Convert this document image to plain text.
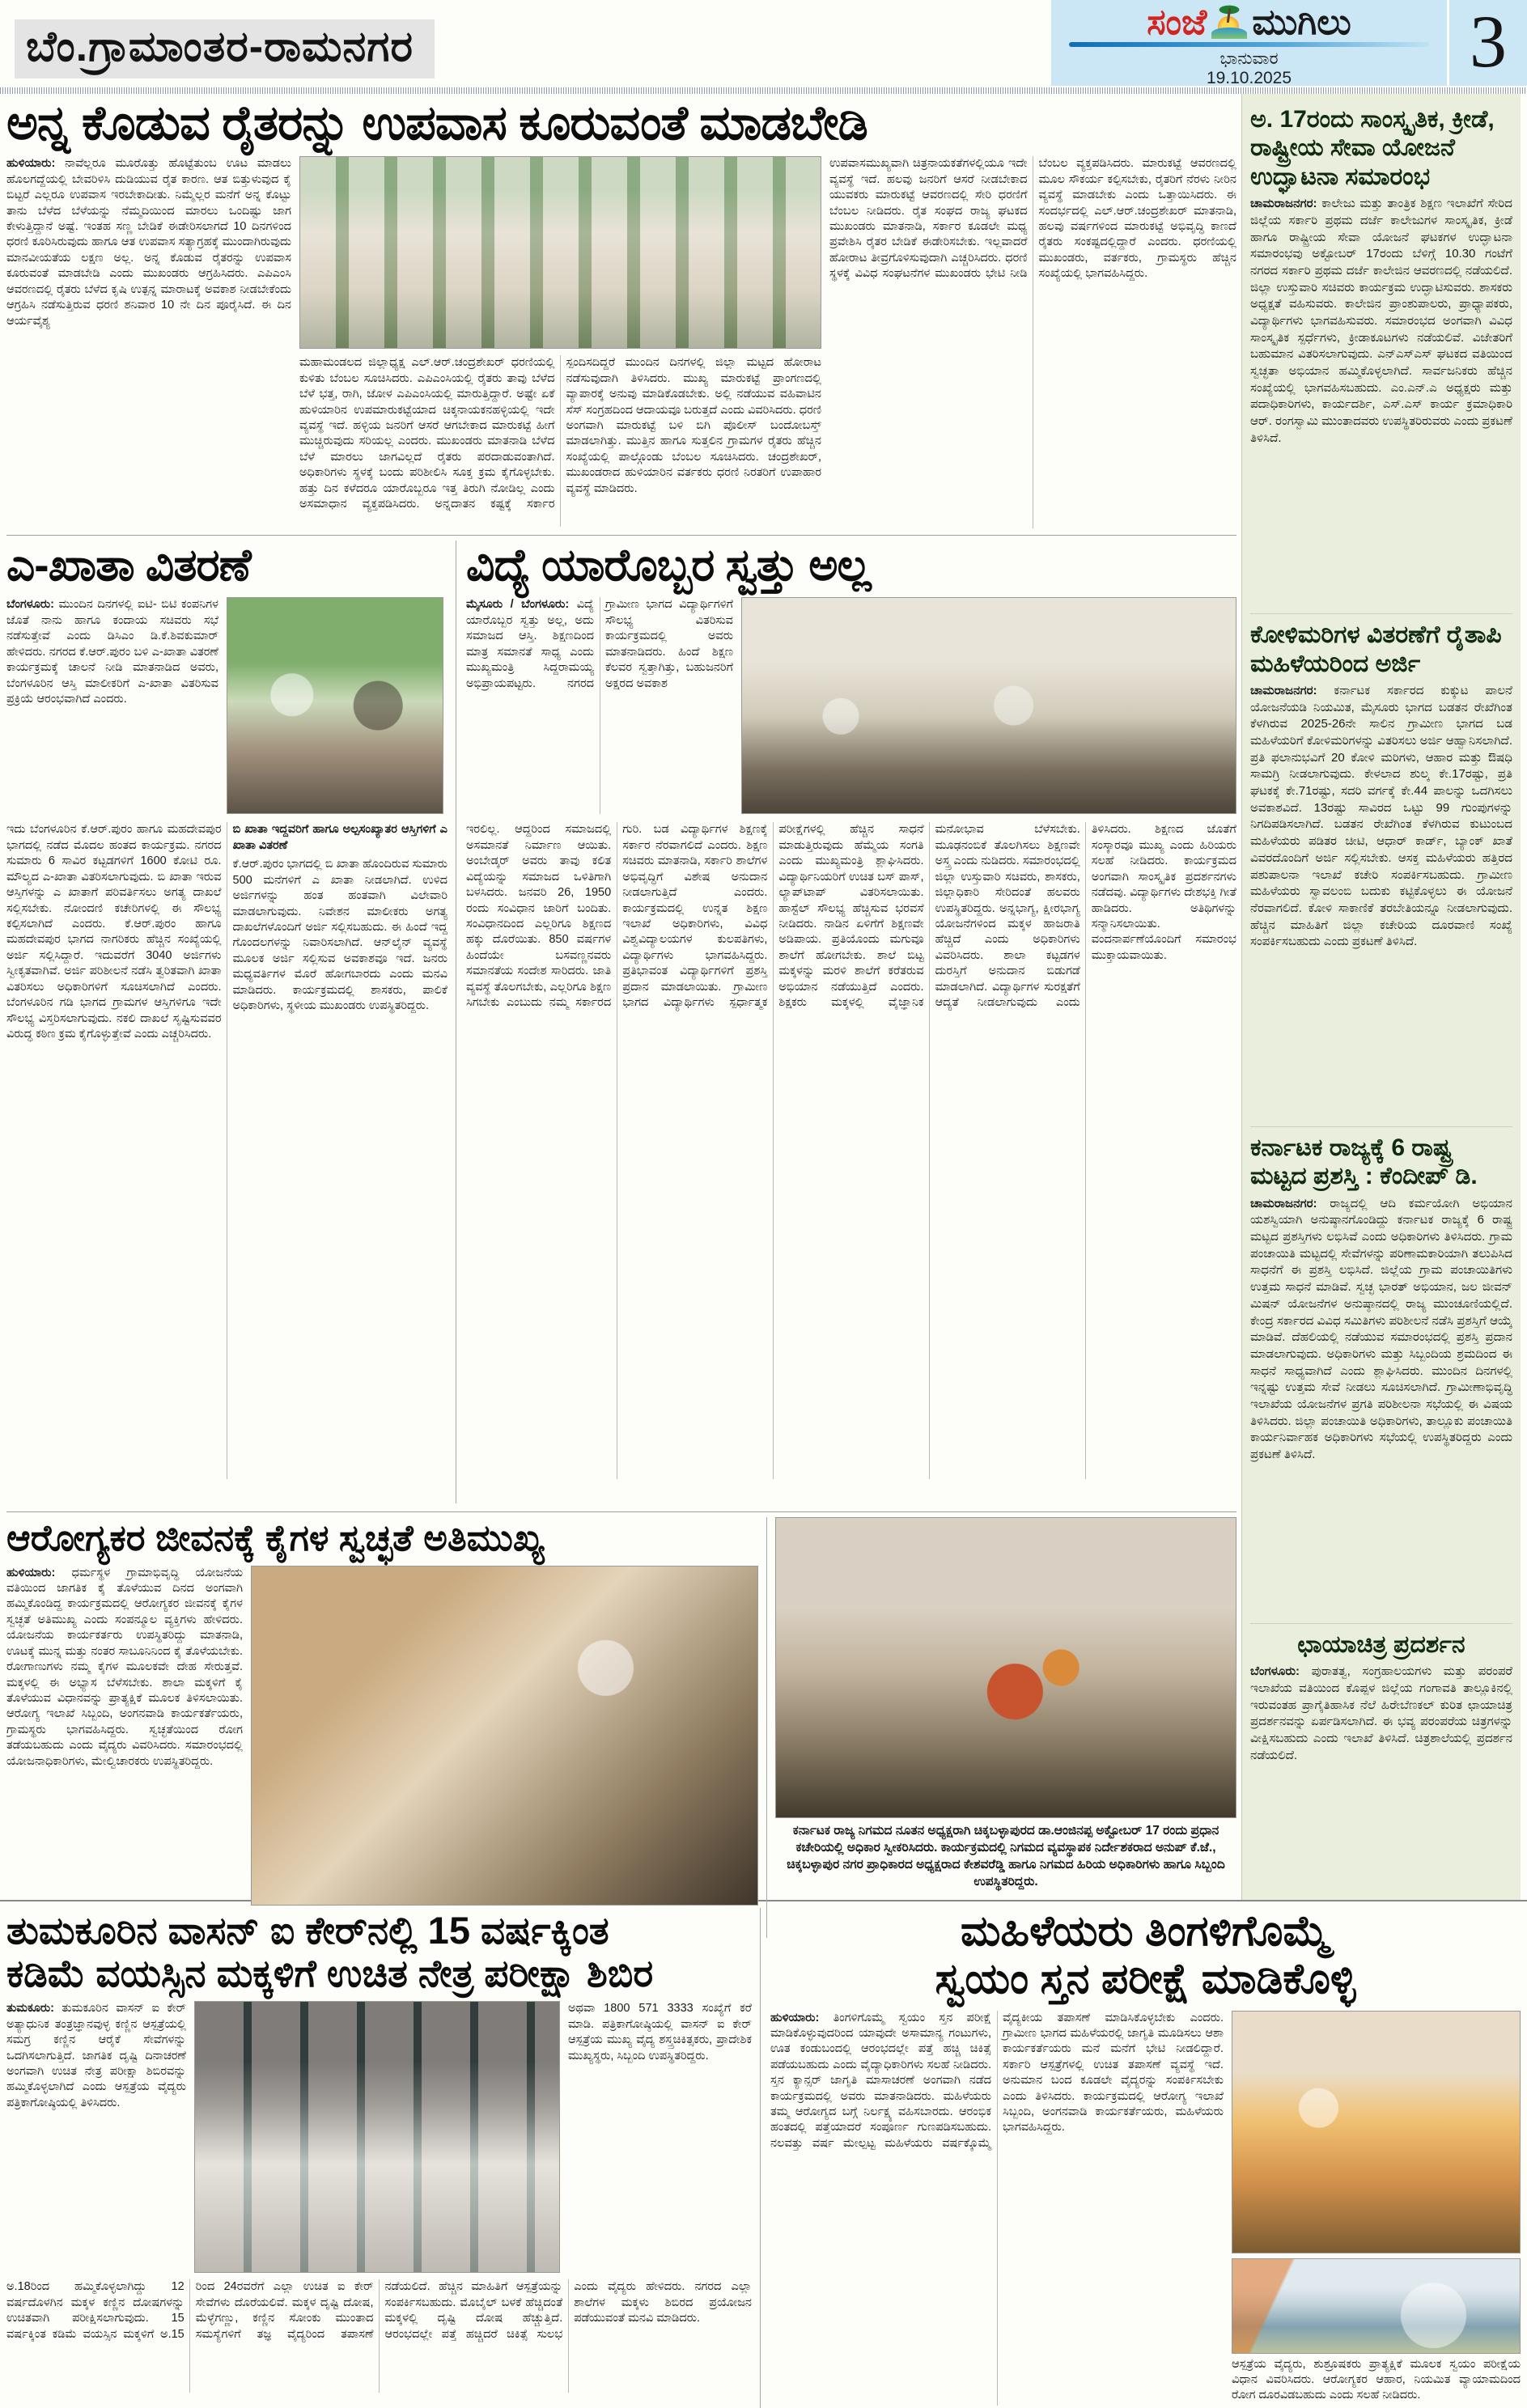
ಬೆಂ.ಗ್ರಾಮಾಂತರ-ರಾಮನಗರ
ಸಂಜೆ ಮುಗಿಲು
ಭಾನುವಾರ
19.10.2025	3
ಅನ್ನ ಕೊಡುವ ರೈತರನ್ನು ಉಪವಾಸ ಕೂರುವಂತೆ ಮಾಡಬೇಡಿ
ಹುಳಿಯಾರು: ನಾವೆಲ್ಲರೂ ಮೂರೊತ್ತು ಹೊಟ್ಟೆತುಂಬ ಊಟ ಮಾಡಲು ಹೊಲಗದ್ದೆಯಲ್ಲಿ ಬೇವರಿಳಿಸಿ ದುಡಿಯುವ ರೈತ ಕಾರಣ. ಆತ ಬಿತ್ತುಳುವುದ ಕೈ ಬಿಟ್ಟರೆ ಎಲ್ಲರೂ ಉಪವಾಸ ಇರಬೇಕಾದೀತು. ನಿಮ್ಮೆಲ್ಲರ ಮನೆಗೆ ಅನ್ನ ಕೊಟ್ಟು ತಾನು ಬೆಳೆದ ಬೆಳೆಯನ್ನು ನೆಮ್ಮದಿಯಿಂದ ಮಾರಲು ಒಂದಿಷ್ಟು ಜಾಗ ಕೇಳುತ್ತಿದ್ದಾನೆ ಅಷ್ಟೆ. ಇಂತಹ ಸಣ್ಣ ಬೇಡಿಕೆ ಈಡೇರಿಸಲಾಗದೆ 10 ದಿನಗಳಿಂದ ಧರಣಿ ಕೂರಿಸಿರುವುದು ಹಾಗೂ ಆತ ಉಪವಾಸ ಸತ್ಯಾಗ್ರಹಕ್ಕೆ ಮುಂದಾಗಿರುವುದು ಮಾನವೀಯತೆಯ ಲಕ್ಷಣ ಅಲ್ಲ. ಅನ್ನ ಕೊಡುವ ರೈತರನ್ನು ಉಪವಾಸ ಕೂರುವಂತೆ ಮಾಡಬೇಡಿ ಎಂದು ಮುಖಂಡರು ಆಗ್ರಹಿಸಿದರು. ಎಪಿಎಂಸಿ ಆವರಣದಲ್ಲಿ ರೈತರು ಬೆಳೆದ ಕೃಷಿ ಉತ್ಪನ್ನ ಮಾರಾಟಕ್ಕೆ ಅವಕಾಶ ನೀಡಬೇಕೆಂದು ಆಗ್ರಹಿಸಿ ನಡೆಸುತ್ತಿರುವ ಧರಣಿ ಶನಿವಾರ 10 ನೇ ದಿನ ಪೂರೈಸಿದೆ. ಈ ದಿನ ಆರ್ಯವೈಶ್ಯ
ಮಹಾಮಂಡಲದ ಜಿಲ್ಲಾಧ್ಯಕ್ಷ ಎಲ್.ಆರ್.ಚಂದ್ರಶೇಖರ್ ಧರಣಿಯಲ್ಲಿ ಕುಳಿತು ಬೆಂಬಲ ಸೂಚಿಸಿದರು. ಎಪಿಎಂಸಿಯಲ್ಲಿ ರೈತರು ತಾವು ಬೆಳೆದ ಬೆಳೆ ಭತ್ತ, ರಾಗಿ, ಜೋಳ ಎಪಿಎಂಸಿಯಲ್ಲಿ ಮಾರುತ್ತಿದ್ದಾರೆ. ಅಷ್ಟೇ ಏಕೆ ಹುಳಿಯಾರಿನ ಉಪಮಾರುಕಟ್ಟೆಯಾದ ಚಿಕ್ಕನಾಯಕನಹಳ್ಳಿಯಲ್ಲಿ ಇದೇ ವ್ಯವಸ್ಥೆ ಇದೆ. ಹಳ್ಳಿಯ ಜನರಿಗೆ ಆಸರೆ ಆಗಬೇಕಾದ ಮಾರುಕಟ್ಟೆ ಹೀಗೆ ಮುಚ್ಚಿರುವುದು ಸರಿಯಲ್ಲ ಎಂದರು. ಮುಖಂಡರು ಮಾತನಾಡಿ ಬೆಳೆದ ಬೆಳೆ ಮಾರಲು ಜಾಗವಿಲ್ಲದೆ ರೈತರು ಪರದಾಡುವಂತಾಗಿದೆ. ಅಧಿಕಾರಿಗಳು ಸ್ಥಳಕ್ಕೆ ಬಂದು ಪರಿಶೀಲಿಸಿ ಸೂಕ್ತ ಕ್ರಮ ಕೈಗೊಳ್ಳಬೇಕು. ಹತ್ತು ದಿನ ಕಳೆದರೂ ಯಾರೊಬ್ಬರೂ ಇತ್ತ ತಿರುಗಿ ನೋಡಿಲ್ಲ ಎಂದು ಅಸಮಾಧಾನ ವ್ಯಕ್ತಪಡಿಸಿದರು. ಅನ್ನದಾತನ ಕಷ್ಟಕ್ಕೆ ಸರ್ಕಾರ ಸ್ಪಂದಿಸದಿದ್ದರೆ ಮುಂದಿನ ದಿನಗಳಲ್ಲಿ ಜಿಲ್ಲಾ ಮಟ್ಟದ ಹೋರಾಟ ನಡೆಸುವುದಾಗಿ ತಿಳಿಸಿದರು. ಮುಖ್ಯ ಮಾರುಕಟ್ಟೆ ಪ್ರಾಂಗಣದಲ್ಲಿ ವ್ಯಾಪಾರಕ್ಕೆ ಅನುವು ಮಾಡಿಕೊಡಬೇಕು. ಅಲ್ಲಿ ನಡೆಯುವ ವಹಿವಾಟಿನ ಸೆಸ್ ಸಂಗ್ರಹದಿಂದ ಆದಾಯವೂ ಬರುತ್ತದೆ ಎಂದು ವಿವರಿಸಿದರು. ಧರಣಿ ಅಂಗವಾಗಿ ಮಾರುಕಟ್ಟೆ ಬಳಿ ಬಿಗಿ ಪೊಲೀಸ್ ಬಂದೋಬಸ್ತ್ ಮಾಡಲಾಗಿತ್ತು. ಮುತ್ತಿನ ಹಾಗೂ ಸುತ್ತಲಿನ ಗ್ರಾಮಗಳ ರೈತರು ಹೆಚ್ಚಿನ ಸಂಖ್ಯೆಯಲ್ಲಿ ಪಾಲ್ಗೊಂಡು ಬೆಂಬಲ ಸೂಚಿಸಿದರು. ಚಂದ್ರಶೇಖರ್, ಮುಖಂಡರಾದ ಹುಳಿಯಾರಿನ ವರ್ತಕರು ಧರಣಿ ನಿರತರಿಗೆ ಉಪಾಹಾರ ವ್ಯವಸ್ಥೆ ಮಾಡಿದರು.
ಉಪವಾಸಮುಖ್ಯವಾಗಿ ಚಿತ್ರನಾಯಕತೆಗಳಲ್ಲಿಯೂ ಇದೇ ವ್ಯವಸ್ಥೆ ಇದೆ. ಹಲವು ಜನರಿಗೆ ಆಸರೆ ನೀಡಬೇಕಾದ ಯುವಕರು ಮಾರುಕಟ್ಟೆ ಆವರಣದಲ್ಲಿ ಸೇರಿ ಧರಣಿಗೆ ಬೆಂಬಲ ನೀಡಿದರು. ರೈತ ಸಂಘದ ರಾಜ್ಯ ಘಟಕದ ಮುಖಂಡರು ಮಾತನಾಡಿ, ಸರ್ಕಾರ ಕೂಡಲೇ ಮಧ್ಯ ಪ್ರವೇಶಿಸಿ ರೈತರ ಬೇಡಿಕೆ ಈಡೇರಿಸಬೇಕು. ಇಲ್ಲವಾದರೆ ಹೋರಾಟ ತೀವ್ರಗೊಳಿಸುವುದಾಗಿ ಎಚ್ಚರಿಸಿದರು. ಧರಣಿ ಸ್ಥಳಕ್ಕೆ ವಿವಿಧ ಸಂಘಟನೆಗಳ ಮುಖಂಡರು ಭೇಟಿ ನೀಡಿ ಬೆಂಬಲ ವ್ಯಕ್ತಪಡಿಸಿದರು. ಮಾರುಕಟ್ಟೆ ಆವರಣದಲ್ಲಿ ಮೂಲ ಸೌಕರ್ಯ ಕಲ್ಪಿಸಬೇಕು, ರೈತರಿಗೆ ನೆರಳು ನೀರಿನ ವ್ಯವಸ್ಥೆ ಮಾಡಬೇಕು ಎಂದು ಒತ್ತಾಯಿಸಿದರು. ಈ ಸಂದರ್ಭದಲ್ಲಿ ಎಲ್.ಆರ್.ಚಂದ್ರಶೇಖರ್ ಮಾತನಾಡಿ, ಹಲವು ವರ್ಷಗಳಿಂದ ಮಾರುಕಟ್ಟೆ ಅಭಿವೃದ್ಧಿ ಕಾಣದೆ ರೈತರು ಸಂಕಷ್ಟದಲ್ಲಿದ್ದಾರೆ ಎಂದರು. ಧರಣಿಯಲ್ಲಿ ಮುಖಂಡರು, ವರ್ತಕರು, ಗ್ರಾಮಸ್ಥರು ಹೆಚ್ಚಿನ ಸಂಖ್ಯೆಯಲ್ಲಿ ಭಾಗವಹಿಸಿದ್ದರು.
ಎ-ಖಾತಾ ವಿತರಣೆ
ಬೆಂಗಳೂರು: ಮುಂದಿನ ದಿನಗಳಲ್ಲಿ ಐಟಿ- ಬಿಟಿ ಕಂಪನಿಗಳ ಜೊತೆ ನಾನು ಹಾಗೂ ಕಂದಾಯ ಸಚಿವರು ಸಭೆ ನಡೆಸುತ್ತೇವೆ ಎಂದು ಡಿಸಿಎಂ ಡಿ.ಕೆ.ಶಿವಕುಮಾರ್ ಹೇಳಿದರು. ನಗರದ ಕೆ.ಆರ್.ಪುರಂ ಬಳಿ ಎ-ಖಾತಾ ವಿತರಣೆ ಕಾರ್ಯಕ್ರಮಕ್ಕೆ ಚಾಲನೆ ನೀಡಿ ಮಾತನಾಡಿದ ಅವರು, ಬೆಂಗಳೂರಿನ ಆಸ್ತಿ ಮಾಲೀಕರಿಗೆ ಎ-ಖಾತಾ ವಿತರಿಸುವ ಪ್ರಕ್ರಿಯೆ ಆರಂಭವಾಗಿದೆ ಎಂದರು.
ಇದು ಬೆಂಗಳೂರಿನ ಕೆ.ಆರ್.ಪುರಂ ಹಾಗೂ ಮಹದೇವಪುರ ಭಾಗದಲ್ಲಿ ನಡೆದ ಮೊದಲ ಹಂತದ ಕಾರ್ಯಕ್ರಮ. ನಗರದ ಸುಮಾರು 6 ಸಾವಿರ ಕಟ್ಟಡಗಳಿಗೆ 1600 ಕೋಟಿ ರೂ. ಮೌಲ್ಯದ ಎ-ಖಾತಾ ವಿತರಿಸಲಾಗುವುದು. ಬಿ ಖಾತಾ ಇರುವ ಆಸ್ತಿಗಳನ್ನು ಎ ಖಾತಾಗೆ ಪರಿವರ್ತಿಸಲು ಅಗತ್ಯ ದಾಖಲೆ ಸಲ್ಲಿಸಬೇಕು. ನೋಂದಣಿ ಕಚೇರಿಗಳಲ್ಲಿ ಈ ಸೌಲಭ್ಯ ಕಲ್ಪಿಸಲಾಗಿದೆ ಎಂದರು. ಕೆ.ಆರ್.ಪುರಂ ಹಾಗೂ ಮಹದೇವಪುರ ಭಾಗದ ನಾಗರಿಕರು ಹೆಚ್ಚಿನ ಸಂಖ್ಯೆಯಲ್ಲಿ ಅರ್ಜಿ ಸಲ್ಲಿಸಿದ್ದಾರೆ. ಇದುವರೆಗೆ 3040 ಅರ್ಜಿಗಳು ಸ್ವೀಕೃತವಾಗಿವೆ. ಅರ್ಜಿ ಪರಿಶೀಲನೆ ನಡೆಸಿ ತ್ವರಿತವಾಗಿ ಖಾತಾ ವಿತರಿಸಲು ಅಧಿಕಾರಿಗಳಿಗೆ ಸೂಚಿಸಲಾಗಿದೆ ಎಂದರು. ಬೆಂಗಳೂರಿನ ಗಡಿ ಭಾಗದ ಗ್ರಾಮಗಳ ಆಸ್ತಿಗಳಿಗೂ ಇದೇ ಸೌಲಭ್ಯ ವಿಸ್ತರಿಸಲಾಗುವುದು. ನಕಲಿ ದಾಖಲೆ ಸೃಷ್ಟಿಸುವವರ ವಿರುದ್ಧ ಕಠಿಣ ಕ್ರಮ ಕೈಗೊಳ್ಳುತ್ತೇವೆ ಎಂದು ಎಚ್ಚರಿಸಿದರು.
ಬಿ ಖಾತಾ ಇದ್ದವರಿಗೆ ಹಾಗೂ ಅಲ್ಪಸಂಖ್ಯಾತರ ಆಸ್ತಿಗಳಿಗೆ ಎ ಖಾತಾ ವಿತರಣೆ
ಕೆ.ಆರ್.ಪುರಂ ಭಾಗದಲ್ಲಿ ಬಿ ಖಾತಾ ಹೊಂದಿರುವ ಸುಮಾರು 500 ಮನೆಗಳಿಗೆ ಎ ಖಾತಾ ನೀಡಲಾಗಿದೆ. ಉಳಿದ ಅರ್ಜಿಗಳನ್ನು ಹಂತ ಹಂತವಾಗಿ ವಿಲೇವಾರಿ ಮಾಡಲಾಗುವುದು. ನಿವೇಶನ ಮಾಲೀಕರು ಅಗತ್ಯ ದಾಖಲೆಗಳೊಂದಿಗೆ ಅರ್ಜಿ ಸಲ್ಲಿಸಬಹುದು. ಈ ಹಿಂದೆ ಇದ್ದ ಗೊಂದಲಗಳನ್ನು ನಿವಾರಿಸಲಾಗಿದೆ. ಆನ್‌ಲೈನ್ ವ್ಯವಸ್ಥೆ ಮೂಲಕ ಅರ್ಜಿ ಸಲ್ಲಿಸುವ ಅವಕಾಶವೂ ಇದೆ. ಜನರು ಮಧ್ಯವರ್ತಿಗಳ ಮೊರೆ ಹೋಗಬಾರದು ಎಂದು ಮನವಿ ಮಾಡಿದರು. ಕಾರ್ಯಕ್ರಮದಲ್ಲಿ ಶಾಸಕರು, ಪಾಲಿಕೆ ಅಧಿಕಾರಿಗಳು, ಸ್ಥಳೀಯ ಮುಖಂಡರು ಉಪಸ್ಥಿತರಿದ್ದರು.
ವಿದ್ಯೆ ಯಾರೊಬ್ಬರ ಸ್ವತ್ತು ಅಲ್ಲ
ಮೈಸೂರು / ಬೆಂಗಳೂರು: ವಿದ್ಯೆ ಯಾರೊಬ್ಬರ ಸ್ವತ್ತು ಅಲ್ಲ, ಅದು ಸಮಾಜದ ಆಸ್ತಿ. ಶಿಕ್ಷಣದಿಂದ ಮಾತ್ರ ಸಮಾನತೆ ಸಾಧ್ಯ ಎಂದು ಮುಖ್ಯಮಂತ್ರಿ ಸಿದ್ದರಾಮಯ್ಯ ಅಭಿಪ್ರಾಯಪಟ್ಟರು. ನಗರದ ಗ್ರಾಮೀಣ ಭಾಗದ ವಿದ್ಯಾರ್ಥಿಗಳಿಗೆ ಸೌಲಭ್ಯ ವಿತರಿಸುವ ಕಾರ್ಯಕ್ರಮದಲ್ಲಿ ಅವರು ಮಾತನಾಡಿದರು. ಹಿಂದೆ ಶಿಕ್ಷಣ ಕೆಲವರ ಸ್ವತ್ತಾಗಿತ್ತು, ಬಹುಜನರಿಗೆ ಅಕ್ಷರದ ಅವಕಾಶ
ಇರಲಿಲ್ಲ. ಆದ್ದರಿಂದ ಸಮಾಜದಲ್ಲಿ ಅಸಮಾನತೆ ನಿರ್ಮಾಣ ಆಯಿತು. ಅಂಬೇಡ್ಕರ್ ಅವರು ತಾವು ಕಲಿತ ವಿದ್ಯೆಯನ್ನು ಸಮಾಜದ ಒಳಿತಿಗಾಗಿ ಬಳಸಿದರು. ಜನವರಿ 26, 1950 ರಂದು ಸಂವಿಧಾನ ಜಾರಿಗೆ ಬಂದಿತು. ಸಂವಿಧಾನದಿಂದ ಎಲ್ಲರಿಗೂ ಶಿಕ್ಷಣದ ಹಕ್ಕು ದೊರೆಯಿತು. 850 ವರ್ಷಗಳ ಹಿಂದೆಯೇ ಬಸವಣ್ಣನವರು ಸಮಾನತೆಯ ಸಂದೇಶ ಸಾರಿದರು. ಜಾತಿ ವ್ಯವಸ್ಥೆ ತೊಲಗಬೇಕು, ಎಲ್ಲರಿಗೂ ಶಿಕ್ಷಣ ಸಿಗಬೇಕು ಎಂಬುದು ನಮ್ಮ ಸರ್ಕಾರದ ಗುರಿ. ಬಡ ವಿದ್ಯಾರ್ಥಿಗಳ ಶಿಕ್ಷಣಕ್ಕೆ ಸರ್ಕಾರ ನೆರವಾಗಲಿದೆ ಎಂದರು. ಶಿಕ್ಷಣ ಸಚಿವರು ಮಾತನಾಡಿ, ಸರ್ಕಾರಿ ಶಾಲೆಗಳ ಅಭಿವೃದ್ಧಿಗೆ ವಿಶೇಷ ಅನುದಾನ ನೀಡಲಾಗುತ್ತಿದೆ ಎಂದರು. ಕಾರ್ಯಕ್ರಮದಲ್ಲಿ ಉನ್ನತ ಶಿಕ್ಷಣ ಇಲಾಖೆ ಅಧಿಕಾರಿಗಳು, ವಿವಿಧ ವಿಶ್ವವಿದ್ಯಾಲಯಗಳ ಕುಲಪತಿಗಳು, ವಿದ್ಯಾರ್ಥಿಗಳು ಭಾಗವಹಿಸಿದ್ದರು. ಪ್ರತಿಭಾವಂತ ವಿದ್ಯಾರ್ಥಿಗಳಿಗೆ ಪ್ರಶಸ್ತಿ ಪ್ರದಾನ ಮಾಡಲಾಯಿತು. ಗ್ರಾಮೀಣ ಭಾಗದ ವಿದ್ಯಾರ್ಥಿಗಳು ಸ್ಪರ್ಧಾತ್ಮಕ ಪರೀಕ್ಷೆಗಳಲ್ಲಿ ಹೆಚ್ಚಿನ ಸಾಧನೆ ಮಾಡುತ್ತಿರುವುದು ಹೆಮ್ಮೆಯ ಸಂಗತಿ ಎಂದು ಮುಖ್ಯಮಂತ್ರಿ ಶ್ಲಾಘಿಸಿದರು. ವಿದ್ಯಾರ್ಥಿನಿಯರಿಗೆ ಉಚಿತ ಬಸ್ ಪಾಸ್, ಲ್ಯಾಪ್‌ಟಾಪ್ ವಿತರಿಸಲಾಯಿತು. ಹಾಸ್ಟೆಲ್ ಸೌಲಭ್ಯ ಹೆಚ್ಚಿಸುವ ಭರವಸೆ ನೀಡಿದರು. ನಾಡಿನ ಏಳಿಗೆಗೆ ಶಿಕ್ಷಣವೇ ಅಡಿಪಾಯ. ಪ್ರತಿಯೊಂದು ಮಗುವೂ ಶಾಲೆಗೆ ಹೋಗಬೇಕು. ಶಾಲೆ ಬಿಟ್ಟ ಮಕ್ಕಳನ್ನು ಮರಳಿ ಶಾಲೆಗೆ ಕರೆತರುವ ಅಭಿಯಾನ ನಡೆಯುತ್ತಿದೆ ಎಂದರು. ಶಿಕ್ಷಕರು ಮಕ್ಕಳಲ್ಲಿ ವೈಜ್ಞಾನಿಕ ಮನೋಭಾವ ಬೆಳೆಸಬೇಕು. ಮೂಢನಂಬಿಕೆ ತೊಲಗಿಸಲು ಶಿಕ್ಷಣವೇ ಅಸ್ತ್ರ ಎಂದು ನುಡಿದರು. ಸಮಾರಂಭದಲ್ಲಿ ಜಿಲ್ಲಾ ಉಸ್ತುವಾರಿ ಸಚಿವರು, ಶಾಸಕರು, ಜಿಲ್ಲಾಧಿಕಾರಿ ಸೇರಿದಂತೆ ಹಲವರು ಉಪಸ್ಥಿತರಿದ್ದರು. ಅನ್ನಭಾಗ್ಯ, ಕ್ಷೀರಭಾಗ್ಯ ಯೋಜನೆಗಳಿಂದ ಮಕ್ಕಳ ಹಾಜರಾತಿ ಹೆಚ್ಚಿದೆ ಎಂದು ಅಧಿಕಾರಿಗಳು ವಿವರಿಸಿದರು. ಶಾಲಾ ಕಟ್ಟಡಗಳ ದುರಸ್ತಿಗೆ ಅನುದಾನ ಬಿಡುಗಡೆ ಮಾಡಲಾಗಿದೆ. ವಿದ್ಯಾರ್ಥಿಗಳ ಸುರಕ್ಷತೆಗೆ ಆದ್ಯತೆ ನೀಡಲಾಗುವುದು ಎಂದು ತಿಳಿಸಿದರು. ಶಿಕ್ಷಣದ ಜೊತೆಗೆ ಸಂಸ್ಕಾರವೂ ಮುಖ್ಯ ಎಂದು ಹಿರಿಯರು ಸಲಹೆ ನೀಡಿದರು. ಕಾರ್ಯಕ್ರಮದ ಅಂಗವಾಗಿ ಸಾಂಸ್ಕೃತಿಕ ಪ್ರದರ್ಶನಗಳು ನಡೆದವು. ವಿದ್ಯಾರ್ಥಿಗಳು ದೇಶಭಕ್ತಿ ಗೀತೆ ಹಾಡಿದರು. ಅತಿಥಿಗಳನ್ನು ಸನ್ಮಾನಿಸಲಾಯಿತು. ವಂದನಾರ್ಪಣೆಯೊಂದಿಗೆ ಸಮಾರಂಭ ಮುಕ್ತಾಯವಾಯಿತು.
ಆರೋಗ್ಯಕರ ಜೀವನಕ್ಕೆ ಕೈಗಳ ಸ್ವಚ್ಛತೆ ಅತಿಮುಖ್ಯ
ಹುಳಿಯಾರು: ಧರ್ಮಸ್ಥಳ ಗ್ರಾಮಾಭಿವೃದ್ಧಿ ಯೋಜನೆಯ ವತಿಯಿಂದ ಜಾಗತಿಕ ಕೈ ತೊಳೆಯುವ ದಿನದ ಅಂಗವಾಗಿ ಹಮ್ಮಿಕೊಂಡಿದ್ದ ಕಾರ್ಯಕ್ರಮದಲ್ಲಿ ಆರೋಗ್ಯಕರ ಜೀವನಕ್ಕೆ ಕೈಗಳ ಸ್ವಚ್ಛತೆ ಅತಿಮುಖ್ಯ ಎಂದು ಸಂಪನ್ಮೂಲ ವ್ಯಕ್ತಿಗಳು ಹೇಳಿದರು. ಯೋಜನೆಯ ಕಾರ್ಯಕರ್ತರು ಉಪಸ್ಥಿತರಿದ್ದು ಮಾತನಾಡಿ, ಊಟಕ್ಕೆ ಮುನ್ನ ಮತ್ತು ನಂತರ ಸಾಬೂನಿನಿಂದ ಕೈ ತೊಳೆಯಬೇಕು. ರೋಗಾಣುಗಳು ನಮ್ಮ ಕೈಗಳ ಮೂಲಕವೇ ದೇಹ ಸೇರುತ್ತವೆ. ಮಕ್ಕಳಲ್ಲಿ ಈ ಅಭ್ಯಾಸ ಬೆಳೆಸಬೇಕು. ಶಾಲಾ ಮಕ್ಕಳಿಗೆ ಕೈ ತೊಳೆಯುವ ವಿಧಾನವನ್ನು ಪ್ರಾತ್ಯಕ್ಷಿಕೆ ಮೂಲಕ ತಿಳಿಸಲಾಯಿತು. ಆರೋಗ್ಯ ಇಲಾಖೆ ಸಿಬ್ಬಂದಿ, ಅಂಗನವಾಡಿ ಕಾರ್ಯಕರ್ತೆಯರು, ಗ್ರಾಮಸ್ಥರು ಭಾಗವಹಿಸಿದ್ದರು. ಸ್ವಚ್ಛತೆಯಿಂದ ರೋಗ ತಡೆಯಬಹುದು ಎಂದು ವೈದ್ಯರು ವಿವರಿಸಿದರು. ಸಮಾರಂಭದಲ್ಲಿ ಯೋಜನಾಧಿಕಾರಿಗಳು, ಮೇಲ್ವಿಚಾರಕರು ಉಪಸ್ಥಿತರಿದ್ದರು.
ಕರ್ನಾಟಕ ರಾಜ್ಯ ನಿಗಮದ ನೂತನ ಅಧ್ಯಕ್ಷರಾಗಿ ಚಿಕ್ಕಬಳ್ಳಾಪುರದ ಡಾ.ಆಂಜಿನಪ್ಪ ಅಕ್ಟೋಬರ್ 17 ರಂದು ಪ್ರಧಾನ ಕಚೇರಿಯಲ್ಲಿ ಅಧಿಕಾರ ಸ್ವೀಕರಿಸಿದರು. ಕಾರ್ಯಕ್ರಮದಲ್ಲಿ ನಿಗಮದ ವ್ಯವಸ್ಥಾಪಕ ನಿರ್ದೇಶಕರಾದ ಅನುಪ್ ಕೆ.ಜೆ., ಚಿಕ್ಕಬಳ್ಳಾಪುರ ನಗರ ಪ್ರಾಧಿಕಾರದ ಅಧ್ಯಕ್ಷರಾದ ಕೇಶವರೆಡ್ಡಿ ಹಾಗೂ ನಿಗಮದ ಹಿರಿಯ ಅಧಿಕಾರಿಗಳು ಹಾಗೂ ಸಿಬ್ಬಂದಿ ಉಪಸ್ಥಿತರಿದ್ದರು.
ಅ. 17ರಂದು ಸಾಂಸ್ಕೃತಿಕ, ಕ್ರೀಡೆ, ರಾಷ್ಟ್ರೀಯ ಸೇವಾ ಯೋಜನೆ ಉದ್ಘಾಟನಾ ಸಮಾರಂಭ
ಚಾಮರಾಜನಗರ: ಕಾಲೇಜು ಮತ್ತು ತಾಂತ್ರಿಕ ಶಿಕ್ಷಣ ಇಲಾಖೆಗೆ ಸೇರಿದ ಜಿಲ್ಲೆಯ ಸರ್ಕಾರಿ ಪ್ರಥಮ ದರ್ಜೆ ಕಾಲೇಜುಗಳ ಸಾಂಸ್ಕೃತಿಕ, ಕ್ರೀಡೆ ಹಾಗೂ ರಾಷ್ಟ್ರೀಯ ಸೇವಾ ಯೋಜನೆ ಘಟಕಗಳ ಉದ್ಘಾಟನಾ ಸಮಾರಂಭವು ಅಕ್ಟೋಬರ್ 17ರಂದು ಬೆಳಿಗ್ಗೆ 10.30 ಗಂಟೆಗೆ ನಗರದ ಸರ್ಕಾರಿ ಪ್ರಥಮ ದರ್ಜೆ ಕಾಲೇಜಿನ ಆವರಣದಲ್ಲಿ ನಡೆಯಲಿದೆ. ಜಿಲ್ಲಾ ಉಸ್ತುವಾರಿ ಸಚಿವರು ಕಾರ್ಯಕ್ರಮ ಉದ್ಘಾಟಿಸುವರು. ಶಾಸಕರು ಅಧ್ಯಕ್ಷತೆ ವಹಿಸುವರು. ಕಾಲೇಜಿನ ಪ್ರಾಂಶುಪಾಲರು, ಪ್ರಾಧ್ಯಾಪಕರು, ವಿದ್ಯಾರ್ಥಿಗಳು ಭಾಗವಹಿಸುವರು. ಸಮಾರಂಭದ ಅಂಗವಾಗಿ ವಿವಿಧ ಸಾಂಸ್ಕೃತಿಕ ಸ್ಪರ್ಧೆಗಳು, ಕ್ರೀಡಾಕೂಟಗಳು ನಡೆಯಲಿವೆ. ವಿಜೇತರಿಗೆ ಬಹುಮಾನ ವಿತರಿಸಲಾಗುವುದು. ಎನ್‌ಎಸ್‌ಎಸ್ ಘಟಕದ ವತಿಯಿಂದ ಸ್ವಚ್ಛತಾ ಅಭಿಯಾನ ಹಮ್ಮಿಕೊಳ್ಳಲಾಗಿದೆ. ಸಾರ್ವಜನಿಕರು ಹೆಚ್ಚಿನ ಸಂಖ್ಯೆಯಲ್ಲಿ ಭಾಗವಹಿಸಬಹುದು. ಎಂ.ಎನ್.ಎ ಅಧ್ಯಕ್ಷರು ಮತ್ತು ಪದಾಧಿಕಾರಿಗಳು, ಕಾರ್ಯದರ್ಶಿ, ಎಸ್.ಎಸ್ ಕಾರ್ಯ ಕ್ರಮಾಧಿಕಾರಿ ಆರ್. ರಂಗಸ್ವಾಮಿ ಮುಂತಾದವರು ಉಪಸ್ಥಿತರಿರುವರು ಎಂದು ಪ್ರಕಟಣೆ ತಿಳಿಸಿದೆ.
ಕೋಳಿಮರಿಗಳ ವಿತರಣೆಗೆ ರೈತಾಪಿ ಮಹಿಳೆಯರಿಂದ ಅರ್ಜಿ
ಚಾಮರಾಜನಗರ: ಕರ್ನಾಟಕ ಸರ್ಕಾರದ ಕುಕ್ಕುಟ ಪಾಲನೆ ಯೋಜನೆಯಡಿ ನಿಯಮಿತ, ಮೈಸೂರು ಭಾಗದ ಬಡತನ ರೇಖೆಗಿಂತ ಕೆಳಗಿರುವ 2025-26ನೇ ಸಾಲಿನ ಗ್ರಾಮೀಣ ಭಾಗದ ಬಡ ಮಹಿಳೆಯರಿಗೆ ಕೋಳಿಮರಿಗಳನ್ನು ವಿತರಿಸಲು ಅರ್ಜಿ ಆಹ್ವಾನಿಸಲಾಗಿದೆ. ಪ್ರತಿ ಫಲಾನುಭವಿಗೆ 20 ಕೋಳಿ ಮರಿಗಳು, ಆಹಾರ ಮತ್ತು ಔಷಧಿ ಸಾಮಗ್ರಿ ನೀಡಲಾಗುವುದು. ಕೇಳಲಾದ ಶುಲ್ಕ ಕೇ.17ರಷ್ಟು, ಪ್ರತಿ ಘಟಕಕ್ಕೆ ಕೇ.71ರಷ್ಟು, ಸದರಿ ವರ್ಗಕ್ಕೆ ಕೇ.44 ಪಾಲನ್ನು ಒದಗಿಸಲು ಅವಕಾಶವಿದೆ. 13ರಷ್ಟು ಸಾವಿರದ ಒಟ್ಟು 99 ಗುಂಪುಗಳನ್ನು ನಿಗದಿಪಡಿಸಲಾಗಿದೆ. ಬಡತನ ರೇಖೆಗಿಂತ ಕೆಳಗಿರುವ ಕುಟುಂಬದ ಮಹಿಳೆಯರು ಪಡಿತರ ಚೀಟಿ, ಆಧಾರ್ ಕಾರ್ಡ್, ಬ್ಯಾಂಕ್ ಖಾತೆ ವಿವರದೊಂದಿಗೆ ಅರ್ಜಿ ಸಲ್ಲಿಸಬೇಕು. ಆಸಕ್ತ ಮಹಿಳೆಯರು ಹತ್ತಿರದ ಪಶುಪಾಲನಾ ಇಲಾಖೆ ಕಚೇರಿ ಸಂಪರ್ಕಿಸಬಹುದು. ಗ್ರಾಮೀಣ ಮಹಿಳೆಯರು ಸ್ವಾವಲಂಬಿ ಬದುಕು ಕಟ್ಟಿಕೊಳ್ಳಲು ಈ ಯೋಜನೆ ನೆರವಾಗಲಿದೆ. ಕೋಳಿ ಸಾಕಾಣಿಕೆ ತರಬೇತಿಯನ್ನೂ ನೀಡಲಾಗುವುದು. ಹೆಚ್ಚಿನ ಮಾಹಿತಿಗೆ ಜಿಲ್ಲಾ ಕಚೇರಿಯ ದೂರವಾಣಿ ಸಂಖ್ಯೆ ಸಂಪರ್ಕಿಸಬಹುದು ಎಂದು ಪ್ರಕಟಣೆ ತಿಳಿಸಿದೆ.
ಕರ್ನಾಟಕ ರಾಜ್ಯಕ್ಕೆ 6 ರಾಷ್ಟ್ರ ಮಟ್ಟದ ಪ್ರಶಸ್ತಿ : ಕೆಂದೀಪ್ ಡಿ.
ಚಾಮರಾಜನಗರ: ರಾಜ್ಯದಲ್ಲಿ ಆದಿ ಕರ್ಮಯೋಗಿ ಅಭಿಯಾನ ಯಶಸ್ವಿಯಾಗಿ ಅನುಷ್ಠಾನಗೊಂಡಿದ್ದು ಕರ್ನಾಟಕ ರಾಜ್ಯಕ್ಕೆ 6 ರಾಷ್ಟ್ರ ಮಟ್ಟದ ಪ್ರಶಸ್ತಿಗಳು ಲಭಿಸಿವೆ ಎಂದು ಅಧಿಕಾರಿಗಳು ತಿಳಿಸಿದರು. ಗ್ರಾಮ ಪಂಚಾಯಿತಿ ಮಟ್ಟದಲ್ಲಿ ಸೇವೆಗಳನ್ನು ಪರಿಣಾಮಕಾರಿಯಾಗಿ ತಲುಪಿಸಿದ ಸಾಧನೆಗೆ ಈ ಪ್ರಶಸ್ತಿ ಲಭಿಸಿದೆ. ಜಿಲ್ಲೆಯ ಗ್ರಾಮ ಪಂಚಾಯಿತಿಗಳು ಉತ್ತಮ ಸಾಧನೆ ಮಾಡಿವೆ. ಸ್ವಚ್ಛ ಭಾರತ್ ಅಭಿಯಾನ, ಜಲ ಜೀವನ್ ಮಿಷನ್ ಯೋಜನೆಗಳ ಅನುಷ್ಠಾನದಲ್ಲಿ ರಾಜ್ಯ ಮುಂಚೂಣಿಯಲ್ಲಿದೆ. ಕೇಂದ್ರ ಸರ್ಕಾರದ ವಿವಿಧ ಸಮಿತಿಗಳು ಪರಿಶೀಲನೆ ನಡೆಸಿ ಪ್ರಶಸ್ತಿಗೆ ಆಯ್ಕೆ ಮಾಡಿವೆ. ದೆಹಲಿಯಲ್ಲಿ ನಡೆಯುವ ಸಮಾರಂಭದಲ್ಲಿ ಪ್ರಶಸ್ತಿ ಪ್ರದಾನ ಮಾಡಲಾಗುವುದು. ಅಧಿಕಾರಿಗಳು ಮತ್ತು ಸಿಬ್ಬಂದಿಯ ಶ್ರಮದಿಂದ ಈ ಸಾಧನೆ ಸಾಧ್ಯವಾಗಿದೆ ಎಂದು ಶ್ಲಾಘಿಸಿದರು. ಮುಂದಿನ ದಿನಗಳಲ್ಲಿ ಇನ್ನಷ್ಟು ಉತ್ತಮ ಸೇವೆ ನೀಡಲು ಸೂಚಿಸಲಾಗಿದೆ. ಗ್ರಾಮೀಣಾಭಿವೃದ್ಧಿ ಇಲಾಖೆಯ ಯೋಜನೆಗಳ ಪ್ರಗತಿ ಪರಿಶೀಲನಾ ಸಭೆಯಲ್ಲಿ ಈ ವಿಷಯ ತಿಳಿಸಿದರು. ಜಿಲ್ಲಾ ಪಂಚಾಯಿತಿ ಅಧಿಕಾರಿಗಳು, ತಾಲ್ಲೂಕು ಪಂಚಾಯಿತಿ ಕಾರ್ಯನಿರ್ವಾಹಕ ಅಧಿಕಾರಿಗಳು ಸಭೆಯಲ್ಲಿ ಉಪಸ್ಥಿತರಿದ್ದರು ಎಂದು ಪ್ರಕಟಣೆ ತಿಳಿಸಿದೆ.
ಛಾಯಾಚಿತ್ರ ಪ್ರದರ್ಶನ
ಬೆಂಗಳೂರು: ಪುರಾತತ್ವ, ಸಂಗ್ರಹಾಲಯಗಳು ಮತ್ತು ಪರಂಪರೆ ಇಲಾಖೆಯ ವತಿಯಿಂದ ಕೊಪ್ಪಳ ಜಿಲ್ಲೆಯ ಗಂಗಾವತಿ ತಾಲ್ಲೂಕಿನಲ್ಲಿ ಇರುವಂತಹ ಪ್ರಾಗೈತಿಹಾಸಿಕ ನೆಲೆ ಹಿರೇಬೆಣಕಲ್ ಕುರಿತ ಛಾಯಾಚಿತ್ರ ಪ್ರದರ್ಶನವನ್ನು ಏರ್ಪಡಿಸಲಾಗಿದೆ. ಈ ಭವ್ಯ ಪರಂಪರೆಯ ಚಿತ್ರಗಳನ್ನು ವೀಕ್ಷಿಸಬಹುದು ಎಂದು ಇಲಾಖೆ ತಿಳಿಸಿದೆ. ಚಿತ್ರಶಾಲೆಯಲ್ಲಿ ಪ್ರದರ್ಶನ ನಡೆಯಲಿದೆ.
ತುಮಕೂರಿನ ವಾಸನ್ ಐ ಕೇರ್‌ನಲ್ಲಿ 15 ವರ್ಷಕ್ಕಿಂತ
ಕಡಿಮೆ ವಯಸ್ಸಿನ ಮಕ್ಕಳಿಗೆ ಉಚಿತ ನೇತ್ರ ಪರೀಕ್ಷಾ ಶಿಬಿರ
ತುಮಕೂರು: ತುಮಕೂರಿನ ವಾಸನ್ ಐ ಕೇರ್ ಅತ್ಯಾಧುನಿಕ ತಂತ್ರಜ್ಞಾನವುಳ್ಳ ಕಣ್ಣಿನ ಆಸ್ಪತ್ರೆಯಲ್ಲಿ ಸಮಗ್ರ ಕಣ್ಣಿನ ಆರೈಕೆ ಸೇವೆಗಳನ್ನು ಒದಗಿಸಲಾಗುತ್ತಿದೆ. ಜಾಗತಿಕ ದೃಷ್ಟಿ ದಿನಾಚರಣೆ ಅಂಗವಾಗಿ ಉಚಿತ ನೇತ್ರ ಪರೀಕ್ಷಾ ಶಿಬಿರವನ್ನು ಹಮ್ಮಿಕೊಳ್ಳಲಾಗಿದೆ ಎಂದು ಆಸ್ಪತ್ರೆಯ ವೈದ್ಯರು ಪತ್ರಿಕಾಗೋಷ್ಠಿಯಲ್ಲಿ ತಿಳಿಸಿದರು.
ಅಥವಾ 1800 571 3333 ಸಂಖ್ಯೆಗೆ ಕರೆ ಮಾಡಿ. ಪತ್ರಿಕಾಗೋಷ್ಠಿಯಲ್ಲಿ ವಾಸನ್ ಐ ಕೇರ್ ಆಸ್ಪತ್ರೆಯ ಮುಖ್ಯ ವೈದ್ಯ ಶಸ್ತ್ರಚಿಕಿತ್ಸಕರು, ಪ್ರಾದೇಶಿಕ ಮುಖ್ಯಸ್ಥರು, ಸಿಬ್ಬಂದಿ ಉಪಸ್ಥಿತರಿದ್ದರು.
ಅ.18ರಿಂದ ಹಮ್ಮಿಕೊಳ್ಳಲಾಗಿದ್ದು 12 ವರ್ಷದೊಳಗಿನ ಮಕ್ಕಳ ಕಣ್ಣಿನ ದೋಷಗಳನ್ನು ಉಚಿತವಾಗಿ ಪರೀಕ್ಷಿಸಲಾಗುವುದು. 15 ವರ್ಷಕ್ಕಿಂತ ಕಡಿಮೆ ವಯಸ್ಸಿನ ಮಕ್ಕಳಿಗೆ ಅ.15 ರಿಂದ 24ರವರೆಗೆ ಎಲ್ಲಾ ಉಚಿತ ಐ ಕೇರ್ ಸೇವೆಗಳು ದೊರೆಯಲಿವೆ. ಮಕ್ಕಳ ದೃಷ್ಟಿ ದೋಷ, ಮೆಳ್ಳೆಗಣ್ಣು, ಕಣ್ಣಿನ ಸೋಂಕು ಮುಂತಾದ ಸಮಸ್ಯೆಗಳಿಗೆ ತಜ್ಞ ವೈದ್ಯರಿಂದ ತಪಾಸಣೆ ನಡೆಯಲಿದೆ. ಹೆಚ್ಚಿನ ಮಾಹಿತಿಗೆ ಆಸ್ಪತ್ರೆಯನ್ನು ಸಂಪರ್ಕಿಸಬಹುದು. ಮೊಬೈಲ್ ಬಳಕೆ ಹೆಚ್ಚಿದಂತೆ ಮಕ್ಕಳಲ್ಲಿ ದೃಷ್ಟಿ ದೋಷ ಹೆಚ್ಚುತ್ತಿದೆ. ಆರಂಭದಲ್ಲೇ ಪತ್ತೆ ಹಚ್ಚಿದರೆ ಚಿಕಿತ್ಸೆ ಸುಲಭ ಎಂದು ವೈದ್ಯರು ಹೇಳಿದರು. ನಗರದ ಎಲ್ಲಾ ಶಾಲೆಗಳ ಮಕ್ಕಳು ಶಿಬಿರದ ಪ್ರಯೋಜನ ಪಡೆಯುವಂತೆ ಮನವಿ ಮಾಡಿದರು.
ಮಹಿಳೆಯರು ತಿಂಗಳಿಗೊಮ್ಮೆ
ಸ್ವಯಂ ಸ್ತನ ಪರೀಕ್ಷೆ ಮಾಡಿಕೊಳ್ಳಿ
ಹುಳಿಯಾರು: ತಿಂಗಳಿಗೊಮ್ಮೆ ಸ್ವಯಂ ಸ್ತನ ಪರೀಕ್ಷೆ ಮಾಡಿಕೊಳ್ಳುವುದರಿಂದ ಯಾವುದೇ ಅಸಾಮಾನ್ಯ ಗಂಟುಗಳು, ಊತ ಕಂಡುಬಂದಲ್ಲಿ ಆರಂಭದಲ್ಲೇ ಪತ್ತೆ ಹಚ್ಚಿ ಚಿಕಿತ್ಸೆ ಪಡೆಯಬಹುದು ಎಂದು ವೈದ್ಯಾಧಿಕಾರಿಗಳು ಸಲಹೆ ನೀಡಿದರು. ಸ್ತನ ಕ್ಯಾನ್ಸರ್ ಜಾಗೃತಿ ಮಾಸಾಚರಣೆ ಅಂಗವಾಗಿ ನಡೆದ ಕಾರ್ಯಕ್ರಮದಲ್ಲಿ ಅವರು ಮಾತನಾಡಿದರು. ಮಹಿಳೆಯರು ತಮ್ಮ ಆರೋಗ್ಯದ ಬಗ್ಗೆ ನಿರ್ಲಕ್ಷ್ಯ ವಹಿಸಬಾರದು. ಆರಂಭಿಕ ಹಂತದಲ್ಲಿ ಪತ್ತೆಯಾದರೆ ಸಂಪೂರ್ಣ ಗುಣಪಡಿಸಬಹುದು. ನಲವತ್ತು ವರ್ಷ ಮೇಲ್ಪಟ್ಟ ಮಹಿಳೆಯರು ವರ್ಷಕ್ಕೊಮ್ಮೆ ವೈದ್ಯಕೀಯ ತಪಾಸಣೆ ಮಾಡಿಸಿಕೊಳ್ಳಬೇಕು ಎಂದರು. ಗ್ರಾಮೀಣ ಭಾಗದ ಮಹಿಳೆಯರಲ್ಲಿ ಜಾಗೃತಿ ಮೂಡಿಸಲು ಆಶಾ ಕಾರ್ಯಕರ್ತೆಯರು ಮನೆ ಮನೆಗೆ ಭೇಟಿ ನೀಡಲಿದ್ದಾರೆ. ಸರ್ಕಾರಿ ಆಸ್ಪತ್ರೆಗಳಲ್ಲಿ ಉಚಿತ ತಪಾಸಣೆ ವ್ಯವಸ್ಥೆ ಇದೆ. ಅನುಮಾನ ಬಂದ ಕೂಡಲೇ ವೈದ್ಯರನ್ನು ಸಂಪರ್ಕಿಸಬೇಕು ಎಂದು ತಿಳಿಸಿದರು. ಕಾರ್ಯಕ್ರಮದಲ್ಲಿ ಆರೋಗ್ಯ ಇಲಾಖೆ ಸಿಬ್ಬಂದಿ, ಅಂಗನವಾಡಿ ಕಾರ್ಯಕರ್ತೆಯರು, ಮಹಿಳೆಯರು ಭಾಗವಹಿಸಿದ್ದರು.
ಆಸ್ಪತ್ರೆಯ ವೈದ್ಯರು, ಶುಶ್ರೂಷಕರು ಪ್ರಾತ್ಯಕ್ಷಿಕೆ ಮೂಲಕ ಸ್ವಯಂ ಪರೀಕ್ಷೆಯ ವಿಧಾನ ವಿವರಿಸಿದರು. ಆರೋಗ್ಯಕರ ಆಹಾರ, ನಿಯಮಿತ ವ್ಯಾಯಾಮದಿಂದ ರೋಗ ದೂರವಿಡಬಹುದು ಎಂದು ಸಲಹೆ ನೀಡಿದರು.
